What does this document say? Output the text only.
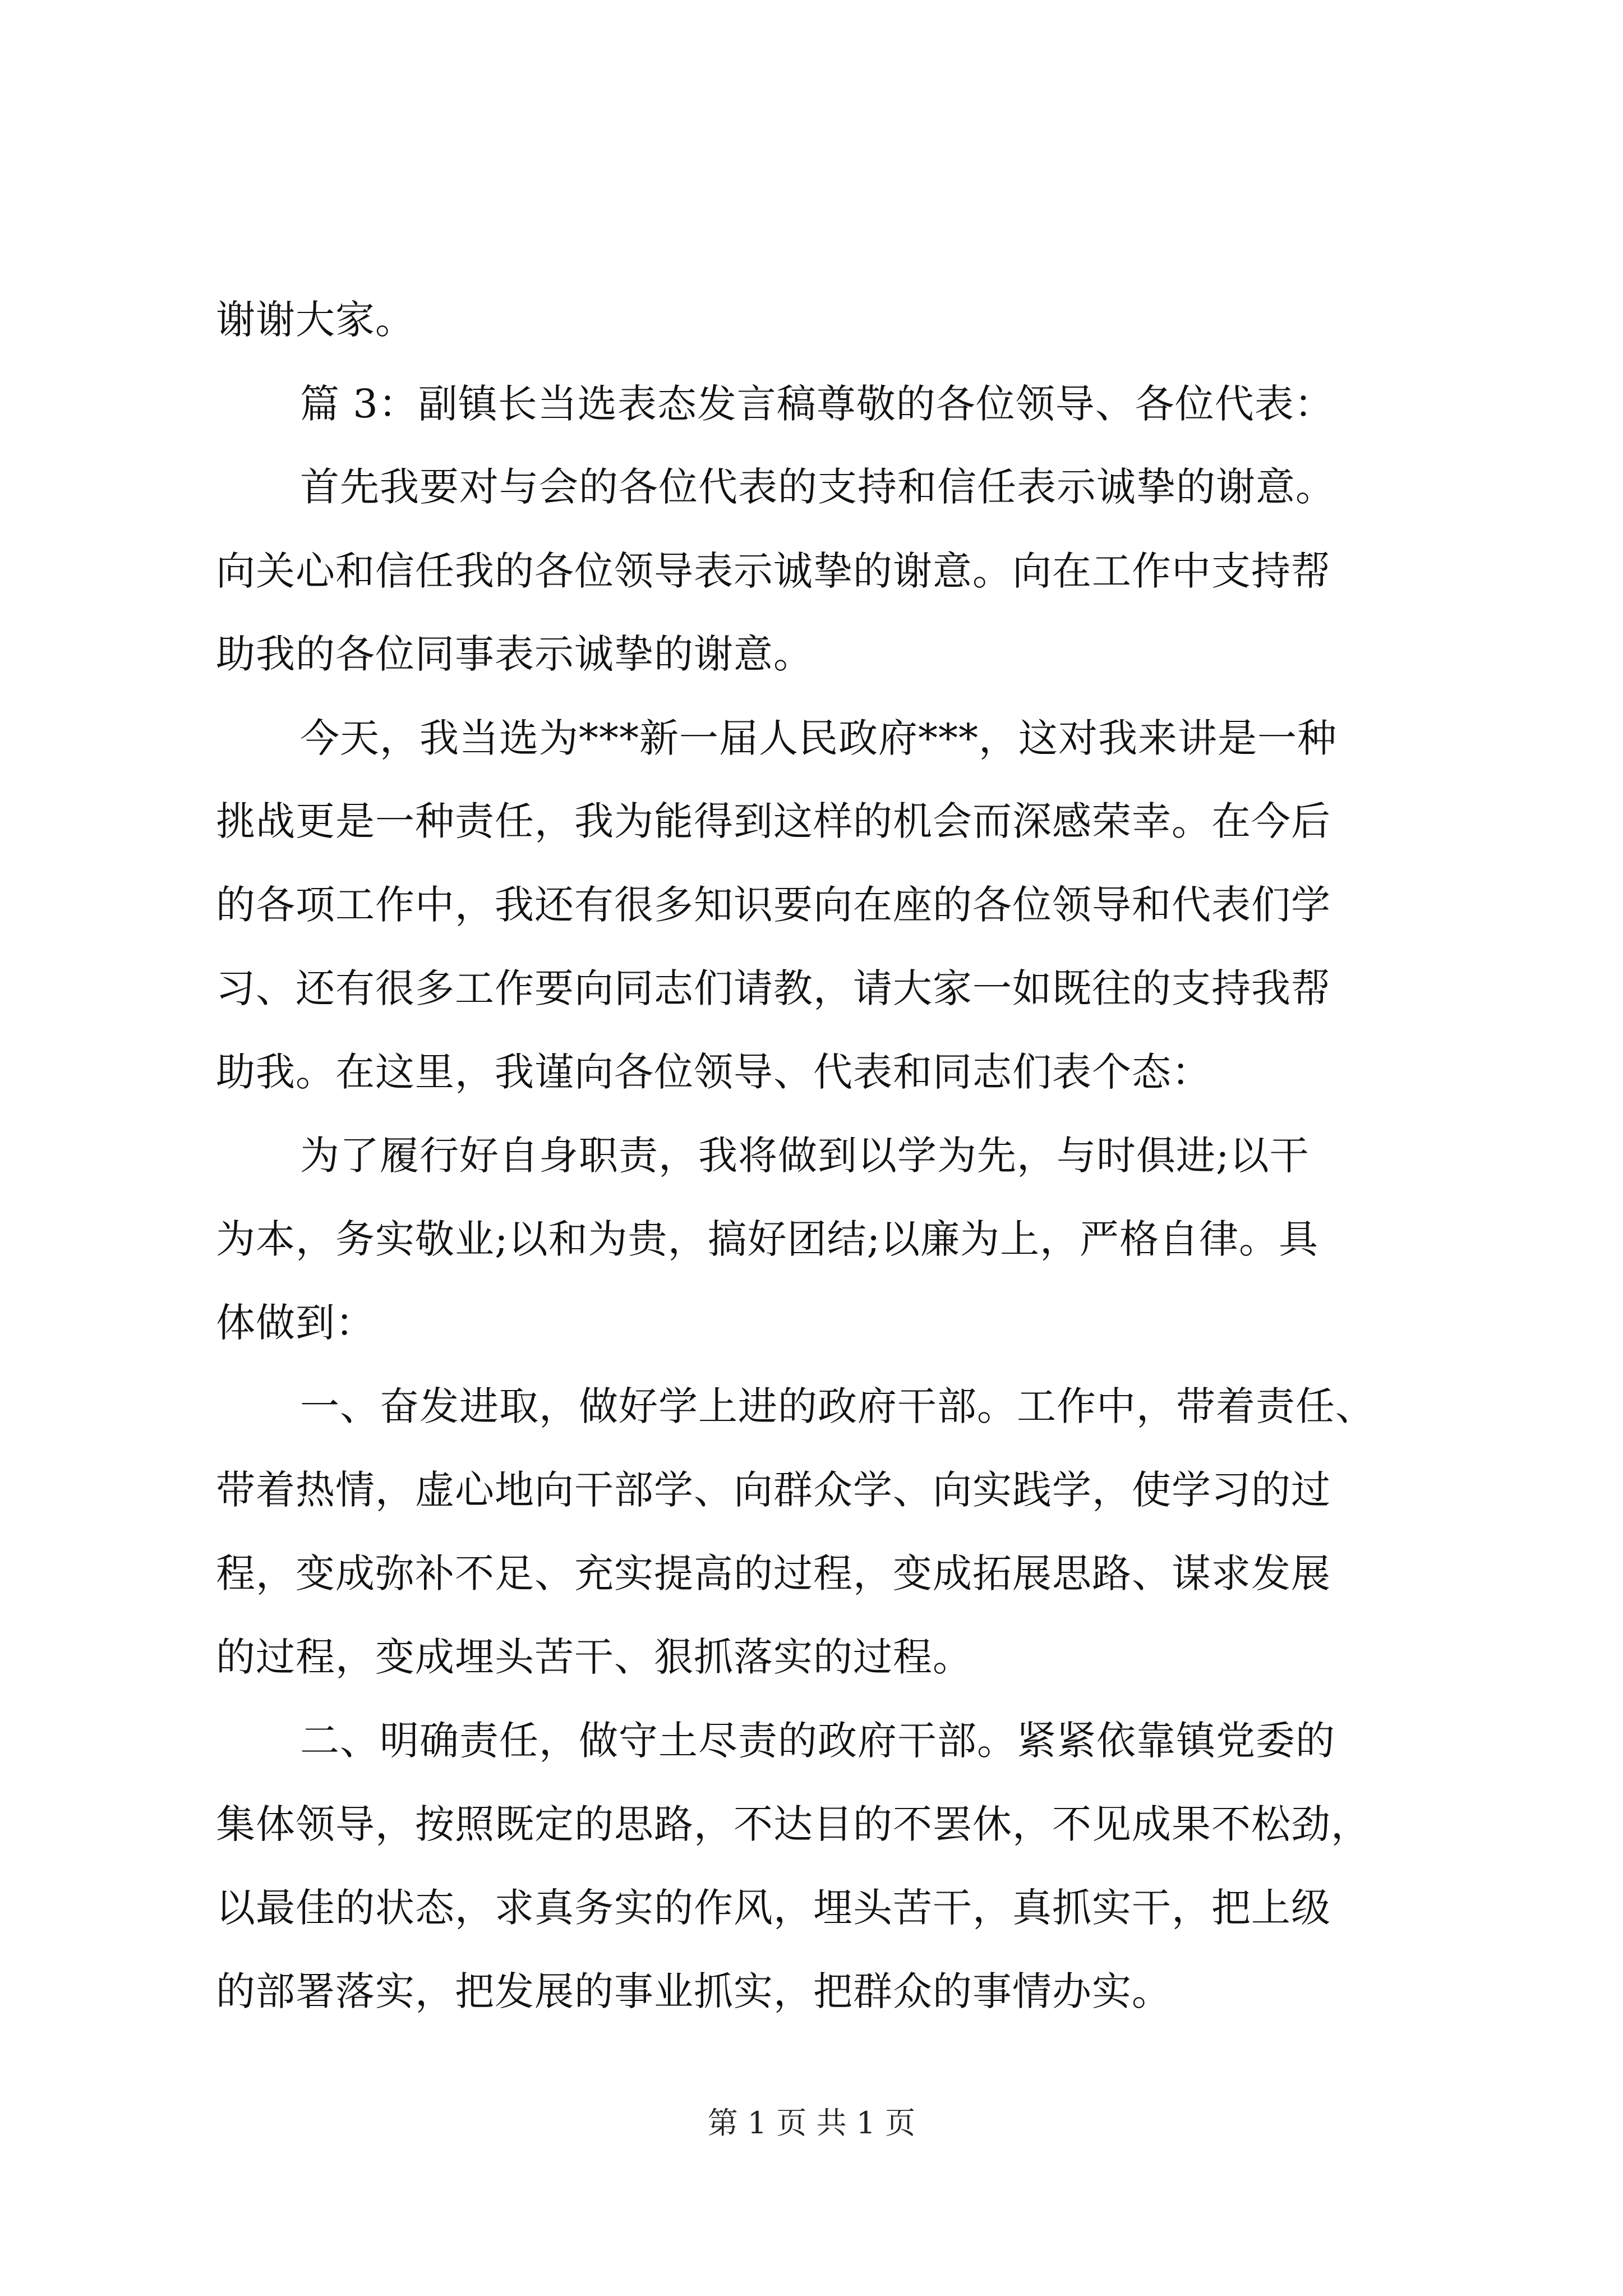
谢谢大家。
篇 3：副镇长当选表态发言稿尊敬的各位领导、各位代表：
首先我要对与会的各位代表的支持和信任表示诚挚的谢意。
向关心和信任我的各位领导表示诚挚的谢意。向在工作中支持帮
助我的各位同事表示诚挚的谢意。
今天，我当选为***新一届人民政府***，这对我来讲是一种
挑战更是一种责任，我为能得到这样的机会而深感荣幸。在今后
的各项工作中，我还有很多知识要向在座的各位领导和代表们学
习、还有很多工作要向同志们请教，请大家一如既往的支持我帮
助我。在这里，我谨向各位领导、代表和同志们表个态：
为了履行好自身职责，我将做到以学为先，与时俱进;以干
为本，务实敬业;以和为贵，搞好团结;以廉为上，严格自律。具
体做到：
一、奋发进取，做好学上进的政府干部。工作中，带着责任、
带着热情，虚心地向干部学、向群众学、向实践学，使学习的过
程，变成弥补不足、充实提高的过程，变成拓展思路、谋求发展
的过程，变成埋头苦干、狠抓落实的过程。
二、明确责任，做守土尽责的政府干部。紧紧依靠镇党委的
集体领导，按照既定的思路，不达目的不罢休，不见成果不松劲，
以最佳的状态，求真务实的作风，埋头苦干，真抓实干，把上级
的部署落实，把发展的事业抓实，把群众的事情办实。
第 1 页 共 1 页
